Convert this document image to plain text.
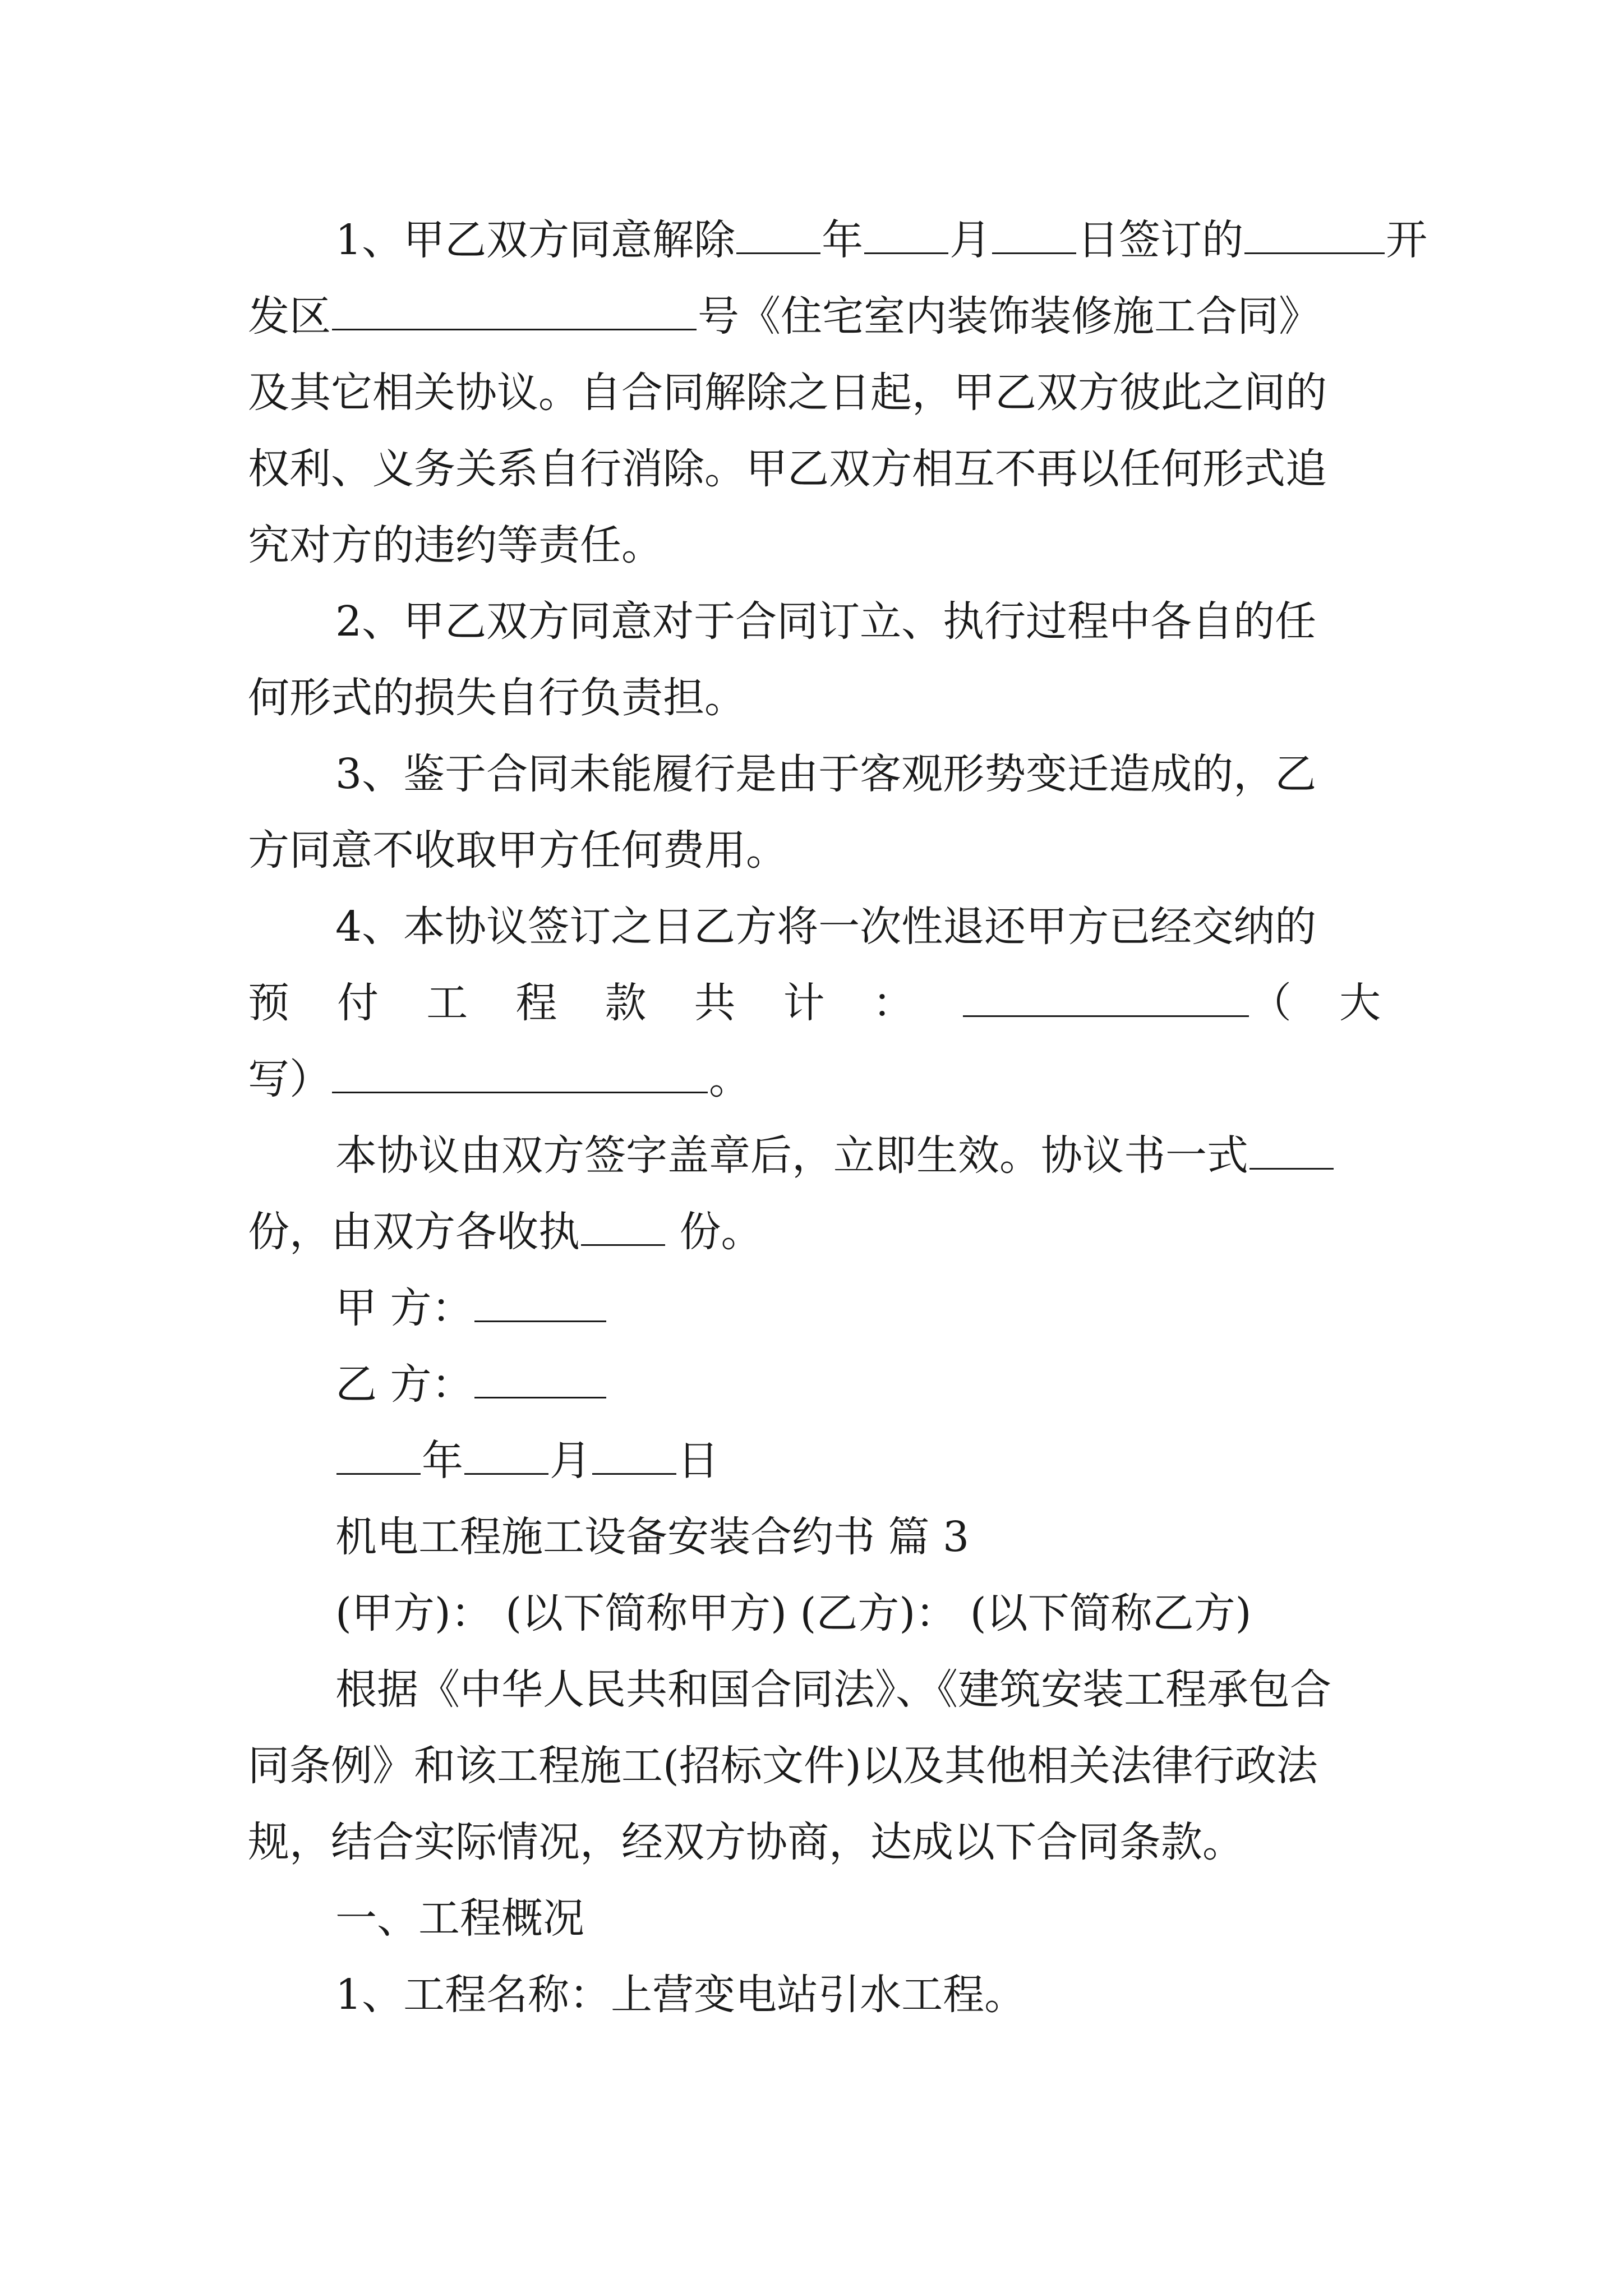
1、甲乙双方同意解除 年 月 日签订的	开
发区	号《住宅室内装饰装修施工合同》
及其它相关协议。自合同解除之日起，甲乙双方彼此之间的
权利、义务关系自行消除。甲乙双方相互不再以任何形式追
究对方的违约等责任。
2、甲乙双方同意对于合同订立、执行过程中各自的任
何形式的损失自行负责担。
3、鉴于合同未能履行是由于客观形势变迁造成的，乙
方同意不收取甲方任何费用。
4、本协议签订之日乙方将一次性退还甲方已经交纳的
预 付 工 程 款 共 计 ：	（ 大
写）	。
本协议由双方签字盖章后，立即生效。协议书一式
份，由双方各收执 份。
甲 方：
乙 方：
年 月 日
机电工程施工设备安装合约书 篇 3
(甲方)： (以下简称甲方) (乙方)： (以下简称乙方)
根据《中华人民共和国合同法》、《建筑安装工程承包合
同条例》和该工程施工(招标文件)以及其他相关法律行政法
规，结合实际情况，经双方协商，达成以下合同条款。
一、工程概况
1、工程名称：上营变电站引水工程。
